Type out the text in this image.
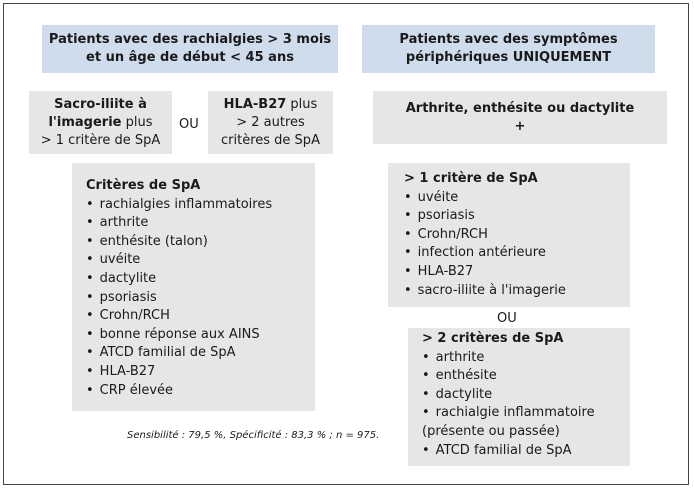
Patients avec des rachialgies > 3 mois
et un âge de début < 45 ans
Patients avec des symptômes
périphériques UNIQUEMENT
Sacro-iliite à
l'imagerie plus
> 1 critère de SpA
OU
HLA-B27 plus
> 2 autres
critères de SpA
Arthrite, enthésite ou dactylite
+
Critères de SpA
• rachialgies inflammatoires
• arthrite
• enthésite (talon)
• uvéite
• dactylite
• psoriasis
• Crohn/RCH
• bonne réponse aux AINS
• ATCD familial de SpA
• HLA-B27
• CRP élevée
> 1 critère de SpA
• uvéite
• psoriasis
• Crohn/RCH
• infection antérieure
• HLA-B27
• sacro-iliite à l'imagerie
OU
> 2 critères de SpA
• arthrite
• enthésite
• dactylite
• rachialgie inflammatoire
(présente ou passée)
• ATCD familial de SpA
Sensibilité : 79,5 %, Spécificité : 83,3 % ; n = 975.
